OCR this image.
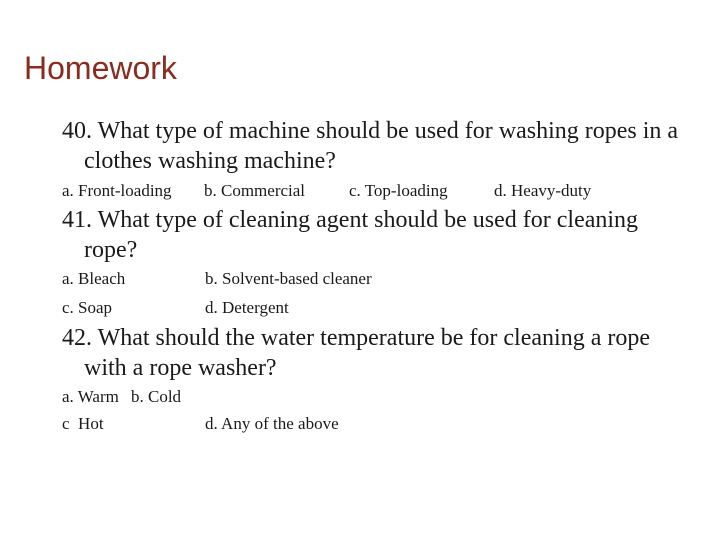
Homework

40. What type of machine should be used for washing ropes in a clothes washing machine?

a. Front-loading b. Commercial	c. Top-loading	d. Heavy-duty

41. What type of cleaning agent should be used for cleaning rope?

a. Bleach	b. Solvent-based cleaner
c. Soap	d. Detergent

42. What should the water temperature be for cleaning a rope with a rope washer?

a. Warm b. Cold
c  Hot	d. Any of the above
